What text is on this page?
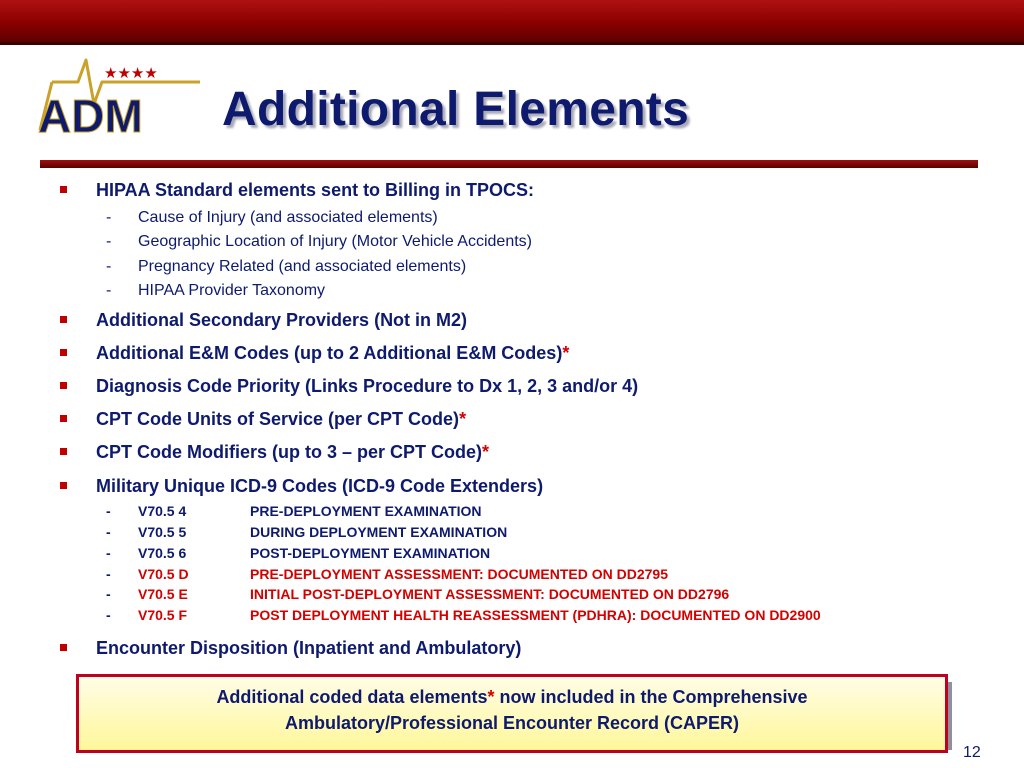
★★★★
ADM Additional Elements
HIPAA Standard elements sent to Billing in TPOCS:
- Cause of Injury (and associated elements)
- Geographic Location of Injury (Motor Vehicle Accidents)
- Pregnancy Related (and associated elements)
- HIPAA Provider Taxonomy
Additional Secondary Providers (Not in M2)
Additional E&M Codes (up to 2 Additional E&M Codes)*
Diagnosis Code Priority (Links Procedure to Dx 1, 2, 3 and/or 4)
CPT Code Units of Service (per CPT Code)*
CPT Code Modifiers (up to 3 – per CPT Code)*
Military Unique ICD-9 Codes (ICD-9 Code Extenders)
- V70.5 4	PRE-DEPLOYMENT EXAMINATION
- V70.5 5	DURING DEPLOYMENT EXAMINATION
- V70.5 6	POST-DEPLOYMENT EXAMINATION
- V70.5 D	PRE-DEPLOYMENT ASSESSMENT: DOCUMENTED ON DD2795
- V70.5 E	INITIAL POST-DEPLOYMENT ASSESSMENT: DOCUMENTED ON DD2796
- V70.5 F	POST DEPLOYMENT HEALTH REASSESSMENT (PDHRA): DOCUMENTED ON DD2900
Encounter Disposition (Inpatient and Ambulatory)
Additional coded data elements* now included in the Comprehensive
Ambulatory/Professional Encounter Record (CAPER)
12
